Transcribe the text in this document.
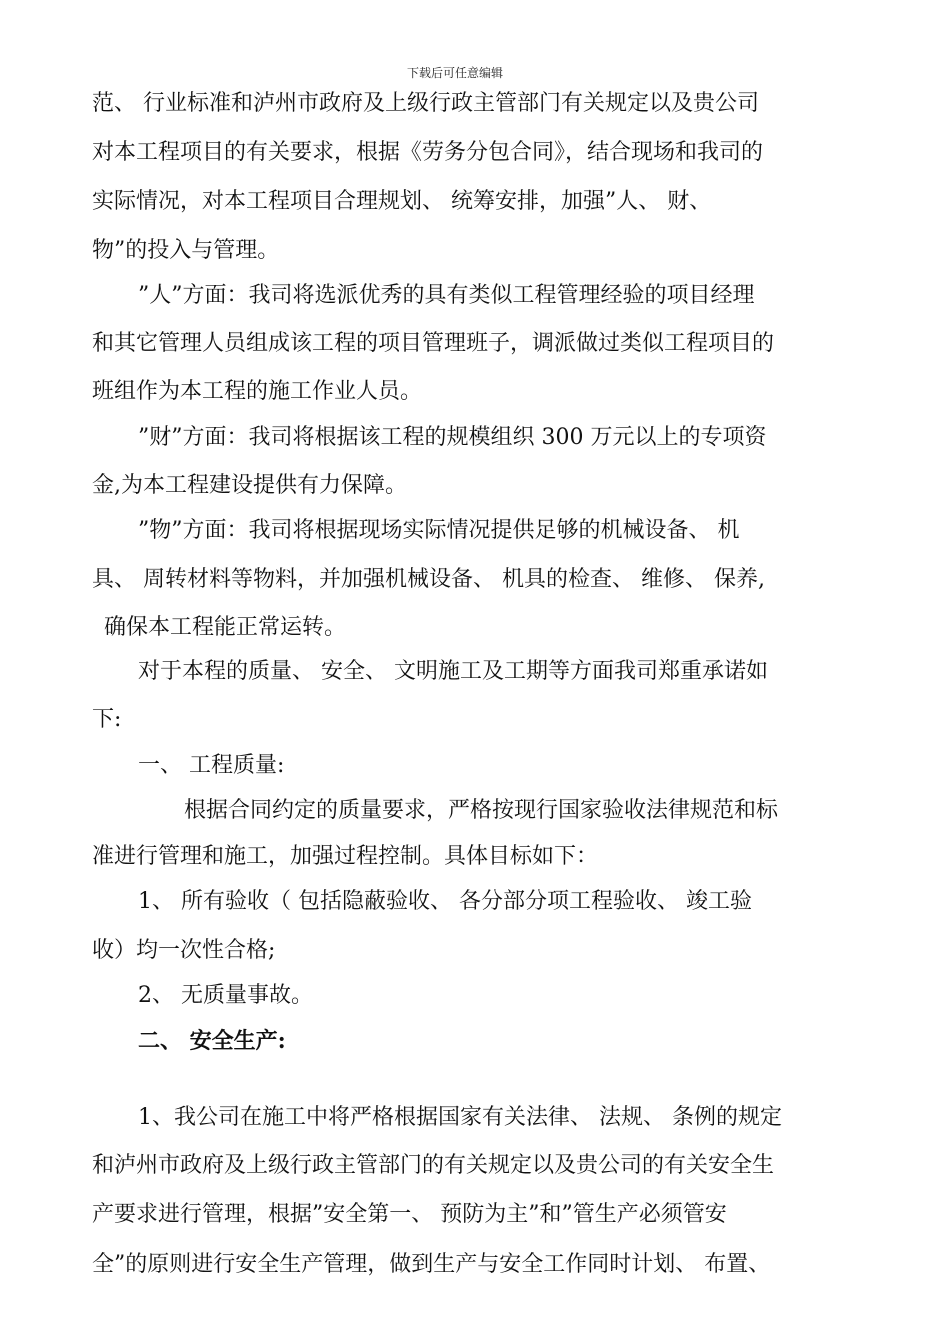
下载后可任意编辑
范、 行业标准和泸州市政府及上级行政主管部门有关规定以及贵公司
对本工程项目的有关要求，根据《劳务分包合同》，结合现场和我司的
实际情况，对本工程项目合理规划、 统筹安排，加强”人、 财、
物”的投入与管理。
”人”方面：我司将选派优秀的具有类似工程管理经验的项目经理
和其它管理人员组成该工程的项目管理班子，调派做过类似工程项目的
班组作为本工程的施工作业人员。
”财”方面：我司将根据该工程的规模组织 300 万元以上的专项资
金,为本工程建设提供有力保障。
”物”方面：我司将根据现场实际情况提供足够的机械设备、 机
具、 周转材料等物料，并加强机械设备、 机具的检查、 维修、 保养,
确保本工程能正常运转。
对于本程的质量、 安全、 文明施工及工期等方面我司郑重承诺如
下:
一、 工程质量:
根据合同约定的质量要求，严格按现行国家验收法律规范和标
准进行管理和施工，加强过程控制。具体目标如下：
1、 所有验收（ 包括隐蔽验收、 各分部分项工程验收、 竣工验
收）均一次性合格;
2、 无质量事故。
二、 安全生产:
1、我公司在施工中将严格根据国家有关法律、 法规、 条例的规定
和泸州市政府及上级行政主管部门的有关规定以及贵公司的有关安全生
产要求进行管理，根据”安全第一、 预防为主”和”管生产必须管安
全”的原则进行安全生产管理，做到生产与安全工作同时计划、 布置、
